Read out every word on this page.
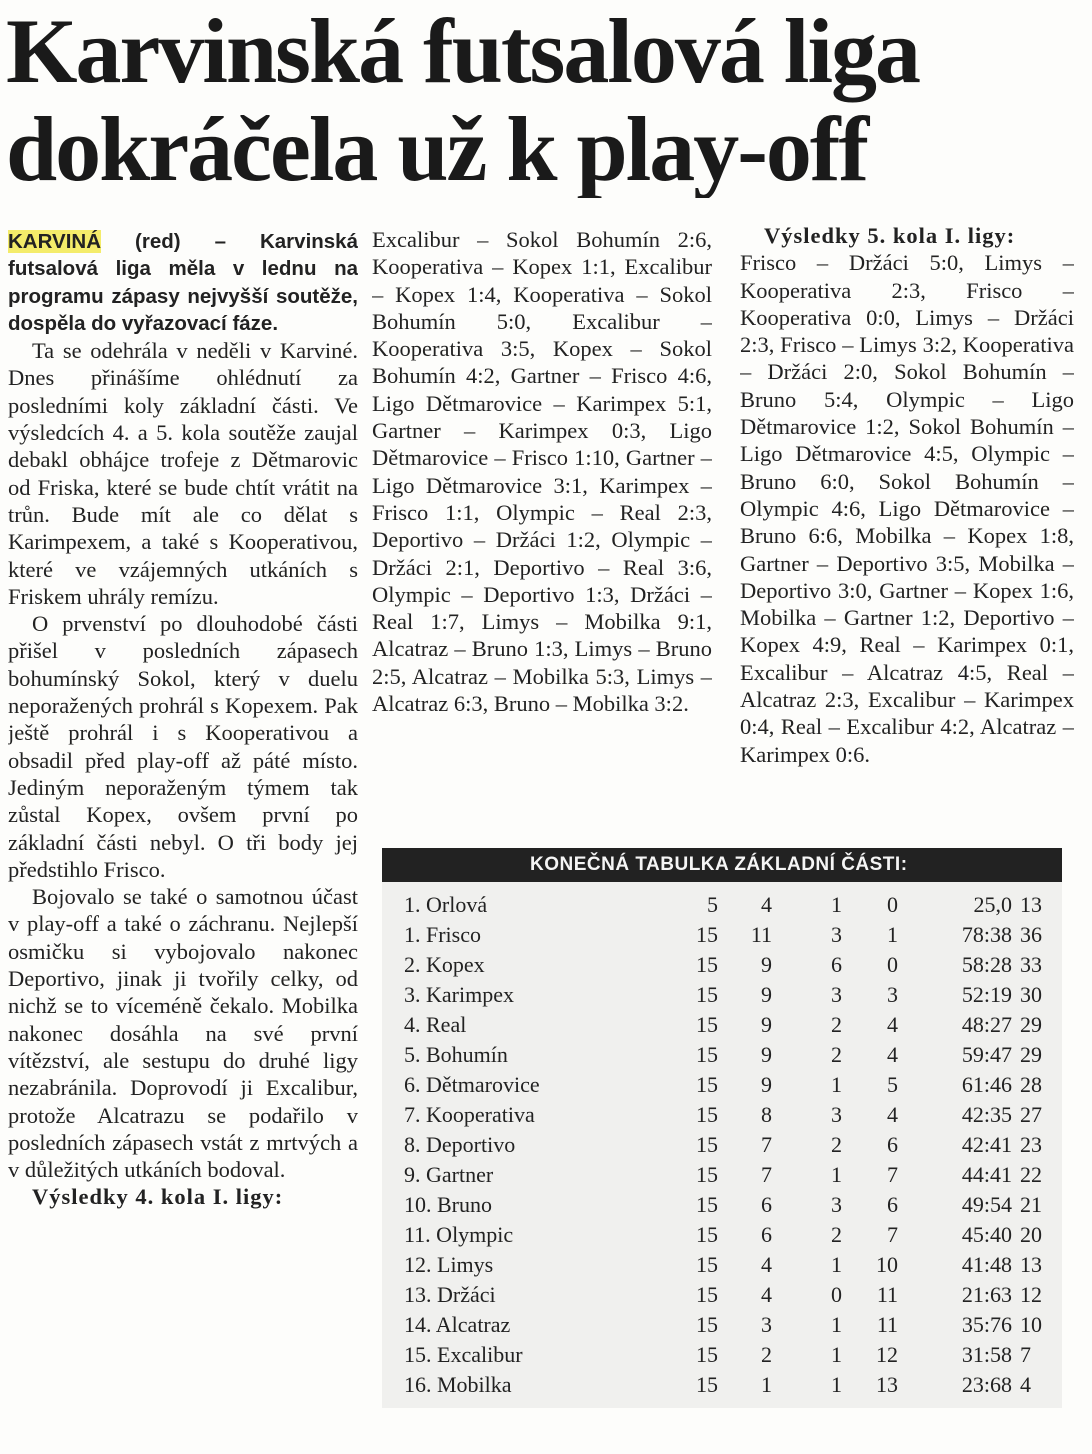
Karvinská futsalová liga
dokráčela už k play-off

KARVINÁ (red) – Karvinská futsalová liga měla v lednu na programu zápasy nejvyšší soutěže, dospěla do vyřazovací fáze.

Ta se odehrála v neděli v Karviné. Dnes přinášíme ohlédnutí za posledními koly základní části. Ve výsledcích 4. a 5. kola soutěže zaujal debakl obhájce trofeje z Dětmarovic od Friska, které se bude chtít vrátit na trůn. Bude mít ale co dělat s Karimpexem, a také s Kooperativou, které ve vzájemných utkáních s Friskem uhrály remízu.

O prvenství po dlouhodobé části přišel v posledních zápasech bohumínský Sokol, který v duelu neporažených prohrál s Kopexem. Pak ještě prohrál i s Kooperativou a obsadil před play-off až páté místo. Jediným neporaženým týmem tak zůstal Kopex, ovšem první po základní části nebyl. O tři body jej předstihlo Frisco.

Bojovalo se také o samotnou účast v play-off a také o záchranu. Nejlepší osmičku si vybojovalo nakonec Deportivo, jinak ji tvořily celky, od nichž se to víceméně čekalo. Mobilka nakonec dosáhla na své první vítězství, ale sestupu do druhé ligy nezabránila. Doprovodí ji Excalibur, protože Alcatrazu se podařilo v posledních zápasech vstát z mrtvých a v důležitých utkáních bodoval.

Výsledky 4. kola I. ligy:

Excalibur – Sokol Bohumín 2:6, Kooperativa – Kopex 1:1, Excalibur – Kopex 1:4, Kooperativa – Sokol Bohumín 5:0, Excalibur – Kooperativa 3:5, Kopex – Sokol Bohumín 4:2, Gartner – Frisco 4:6, Ligo Dětmarovice – Karimpex 5:1, Gartner – Karimpex 0:3, Ligo Dětmarovice – Frisco 1:10, Gartner – Ligo Dětmarovice 3:1, Karimpex – Frisco 1:1, Olympic – Real 2:3, Deportivo – Držáci 1:2, Olympic – Držáci 2:1, Deportivo – Real 3:6, Olympic – Deportivo 1:3, Držáci – Real 1:7, Limys – Mobilka 9:1, Alcatraz – Bruno 1:3, Limys – Bruno 2:5, Alcatraz – Mobilka 5:3, Limys – Alcatraz 6:3, Bruno – Mobilka 3:2.

Výsledky 5. kola I. ligy:

Frisco – Držáci 5:0, Limys – Kooperativa 2:3, Frisco – Kooperativa 0:0, Limys – Držáci 2:3, Frisco – Limys 3:2, Kooperativa – Držáci 2:0, Sokol Bohumín – Bruno 5:4, Olympic – Ligo Dětmarovice 1:2, Sokol Bohumín – Ligo Dětmarovice 4:5, Olympic – Bruno 6:0, Sokol Bohumín – Olympic 4:6, Ligo Dětmarovice – Bruno 6:6, Mobilka – Kopex 1:8, Gartner – Deportivo 3:5, Mobilka – Deportivo 3:0, Gartner – Kopex 1:6, Mobilka – Gartner 1:2, Deportivo – Kopex 4:9, Real – Karimpex 0:1, Excalibur – Alcatraz 4:5, Real – Alcatraz 2:3, Excalibur – Karimpex 0:4, Real – Excalibur 4:2, Alcatraz – Karimpex 0:6.

KONEČNÁ TABULKA ZÁKLADNÍ ČÁSTI:
1. Orlová	5	4	1	0	25,0 13
1. Frisco	15	11	3	1	78:38 36
2. Kopex	15	9	6	0	58:28 33
3. Karimpex	15	9	3	3	52:19 30
4. Real	15	9	2	4	48:27 29
5. Bohumín	15	9	2	4	59:47 29
6. Dětmarovice	15	9	1	5	61:46 28
7. Kooperativa	15	8	3	4	42:35 27
8. Deportivo	15	7	2	6	42:41 23
9. Gartner	15	7	1	7	44:41 22
10. Bruno	15	6	3	6	49:54 21
11. Olympic	15	6	2	7	45:40 20
12. Limys	15	4	1	10	41:48 13
13. Držáci	15	4	0	11	21:63 12
14. Alcatraz	15	3	1	11	35:76 10
15. Excalibur	15	2	1	12	31:58 7
16. Mobilka	15	1	1	13	23:68 4
